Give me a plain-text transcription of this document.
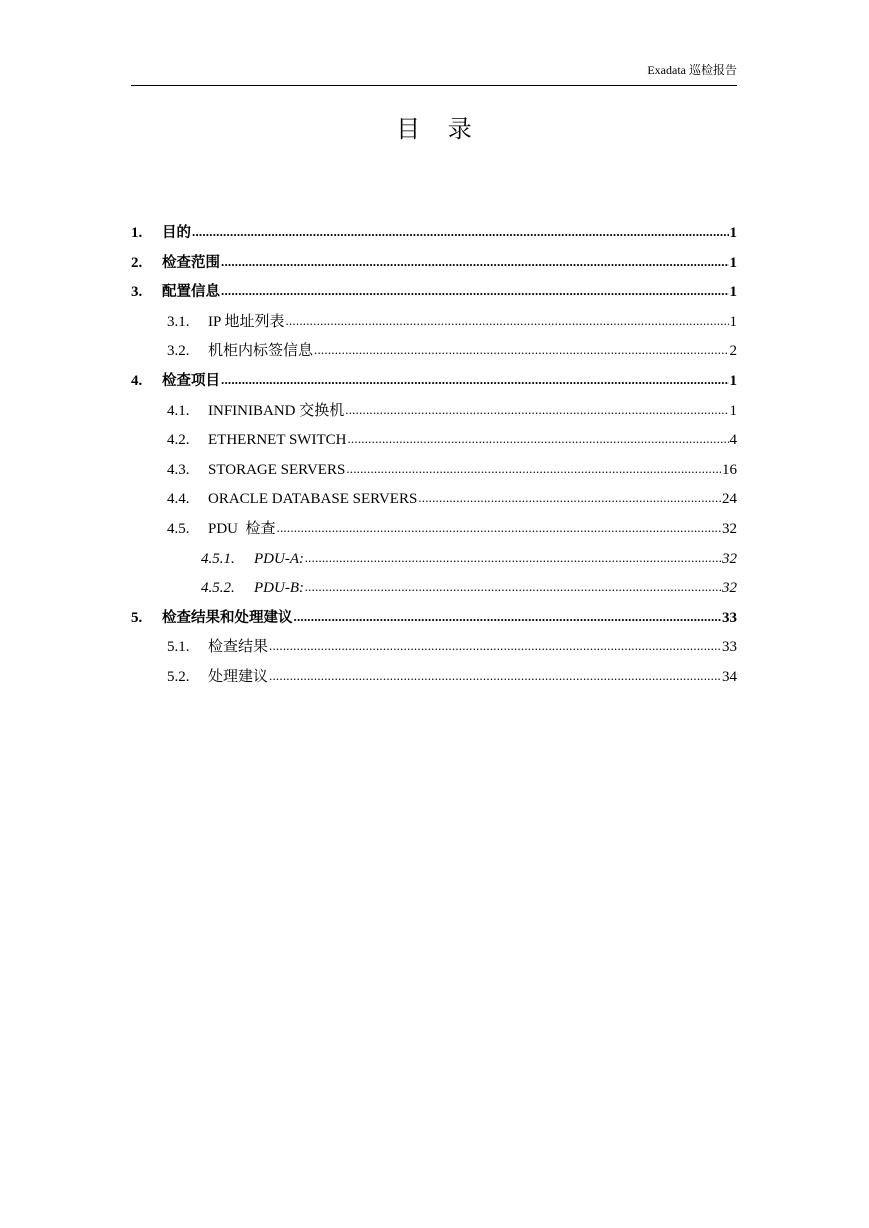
Exadata 巡检报告
目 录
1.	目的 .....	1
2.	检查范围 .....	1
3.	配置信息 .....	1
3.1.	IP 地址列表 .....	1
3.2.	机柜内标签信息 .....	2
4.	检查项目 .....	1
4.1.	INFINIBAND 交换机 .....	1
4.2.	ETHERNET SWITCH .....	4
4.3.	STORAGE SERVERS .....	16
4.4.	ORACLE DATABASE SERVERS .....	24
4.5.	PDU  检查 .....	32
4.5.1.	PDU-A: .....	32
4.5.2.	PDU-B: .....	32
5.	检查结果和处理建议 .....	33
5.1.	检查结果 .....	33
5.2.	处理建议 .....	34
